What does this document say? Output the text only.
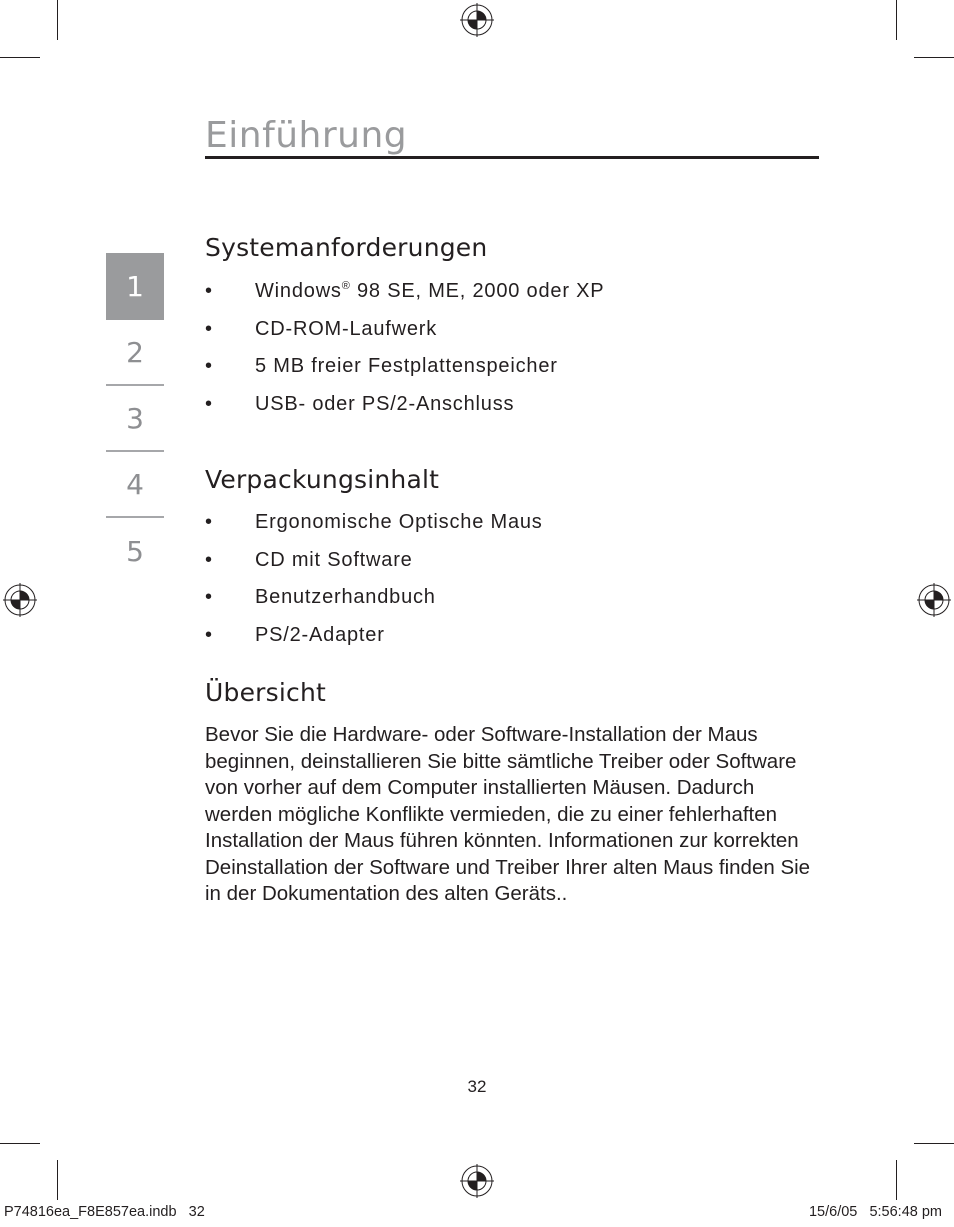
Einführung
1
2
3
4
5
Systemanforderungen
•	Windows® 98 SE, ME, 2000 oder XP
•	CD-ROM-Laufwerk
•	5 MB freier Festplattenspeicher
•	USB- oder PS/2-Anschluss
Verpackungsinhalt
•	Ergonomische Optische Maus
•	CD mit Software
•	Benutzerhandbuch
•	PS/2-Adapter
Übersicht

Bevor Sie die Hardware- oder Software-Installation der Maus beginnen, deinstallieren Sie bitte sämtliche Treiber oder Software von vorher auf dem Computer installierten Mäusen. Dadurch werden mögliche Konflikte vermieden, die zu einer fehlerhaften Installation der Maus führen könnten. Informationen zur korrekten Deinstallation der Software und Treiber Ihrer alten Maus finden Sie in der Dokumentation des alten Geräts..

32
P74816ea_F8E857ea.indb   32	15/6/05   5:56:48 pm
